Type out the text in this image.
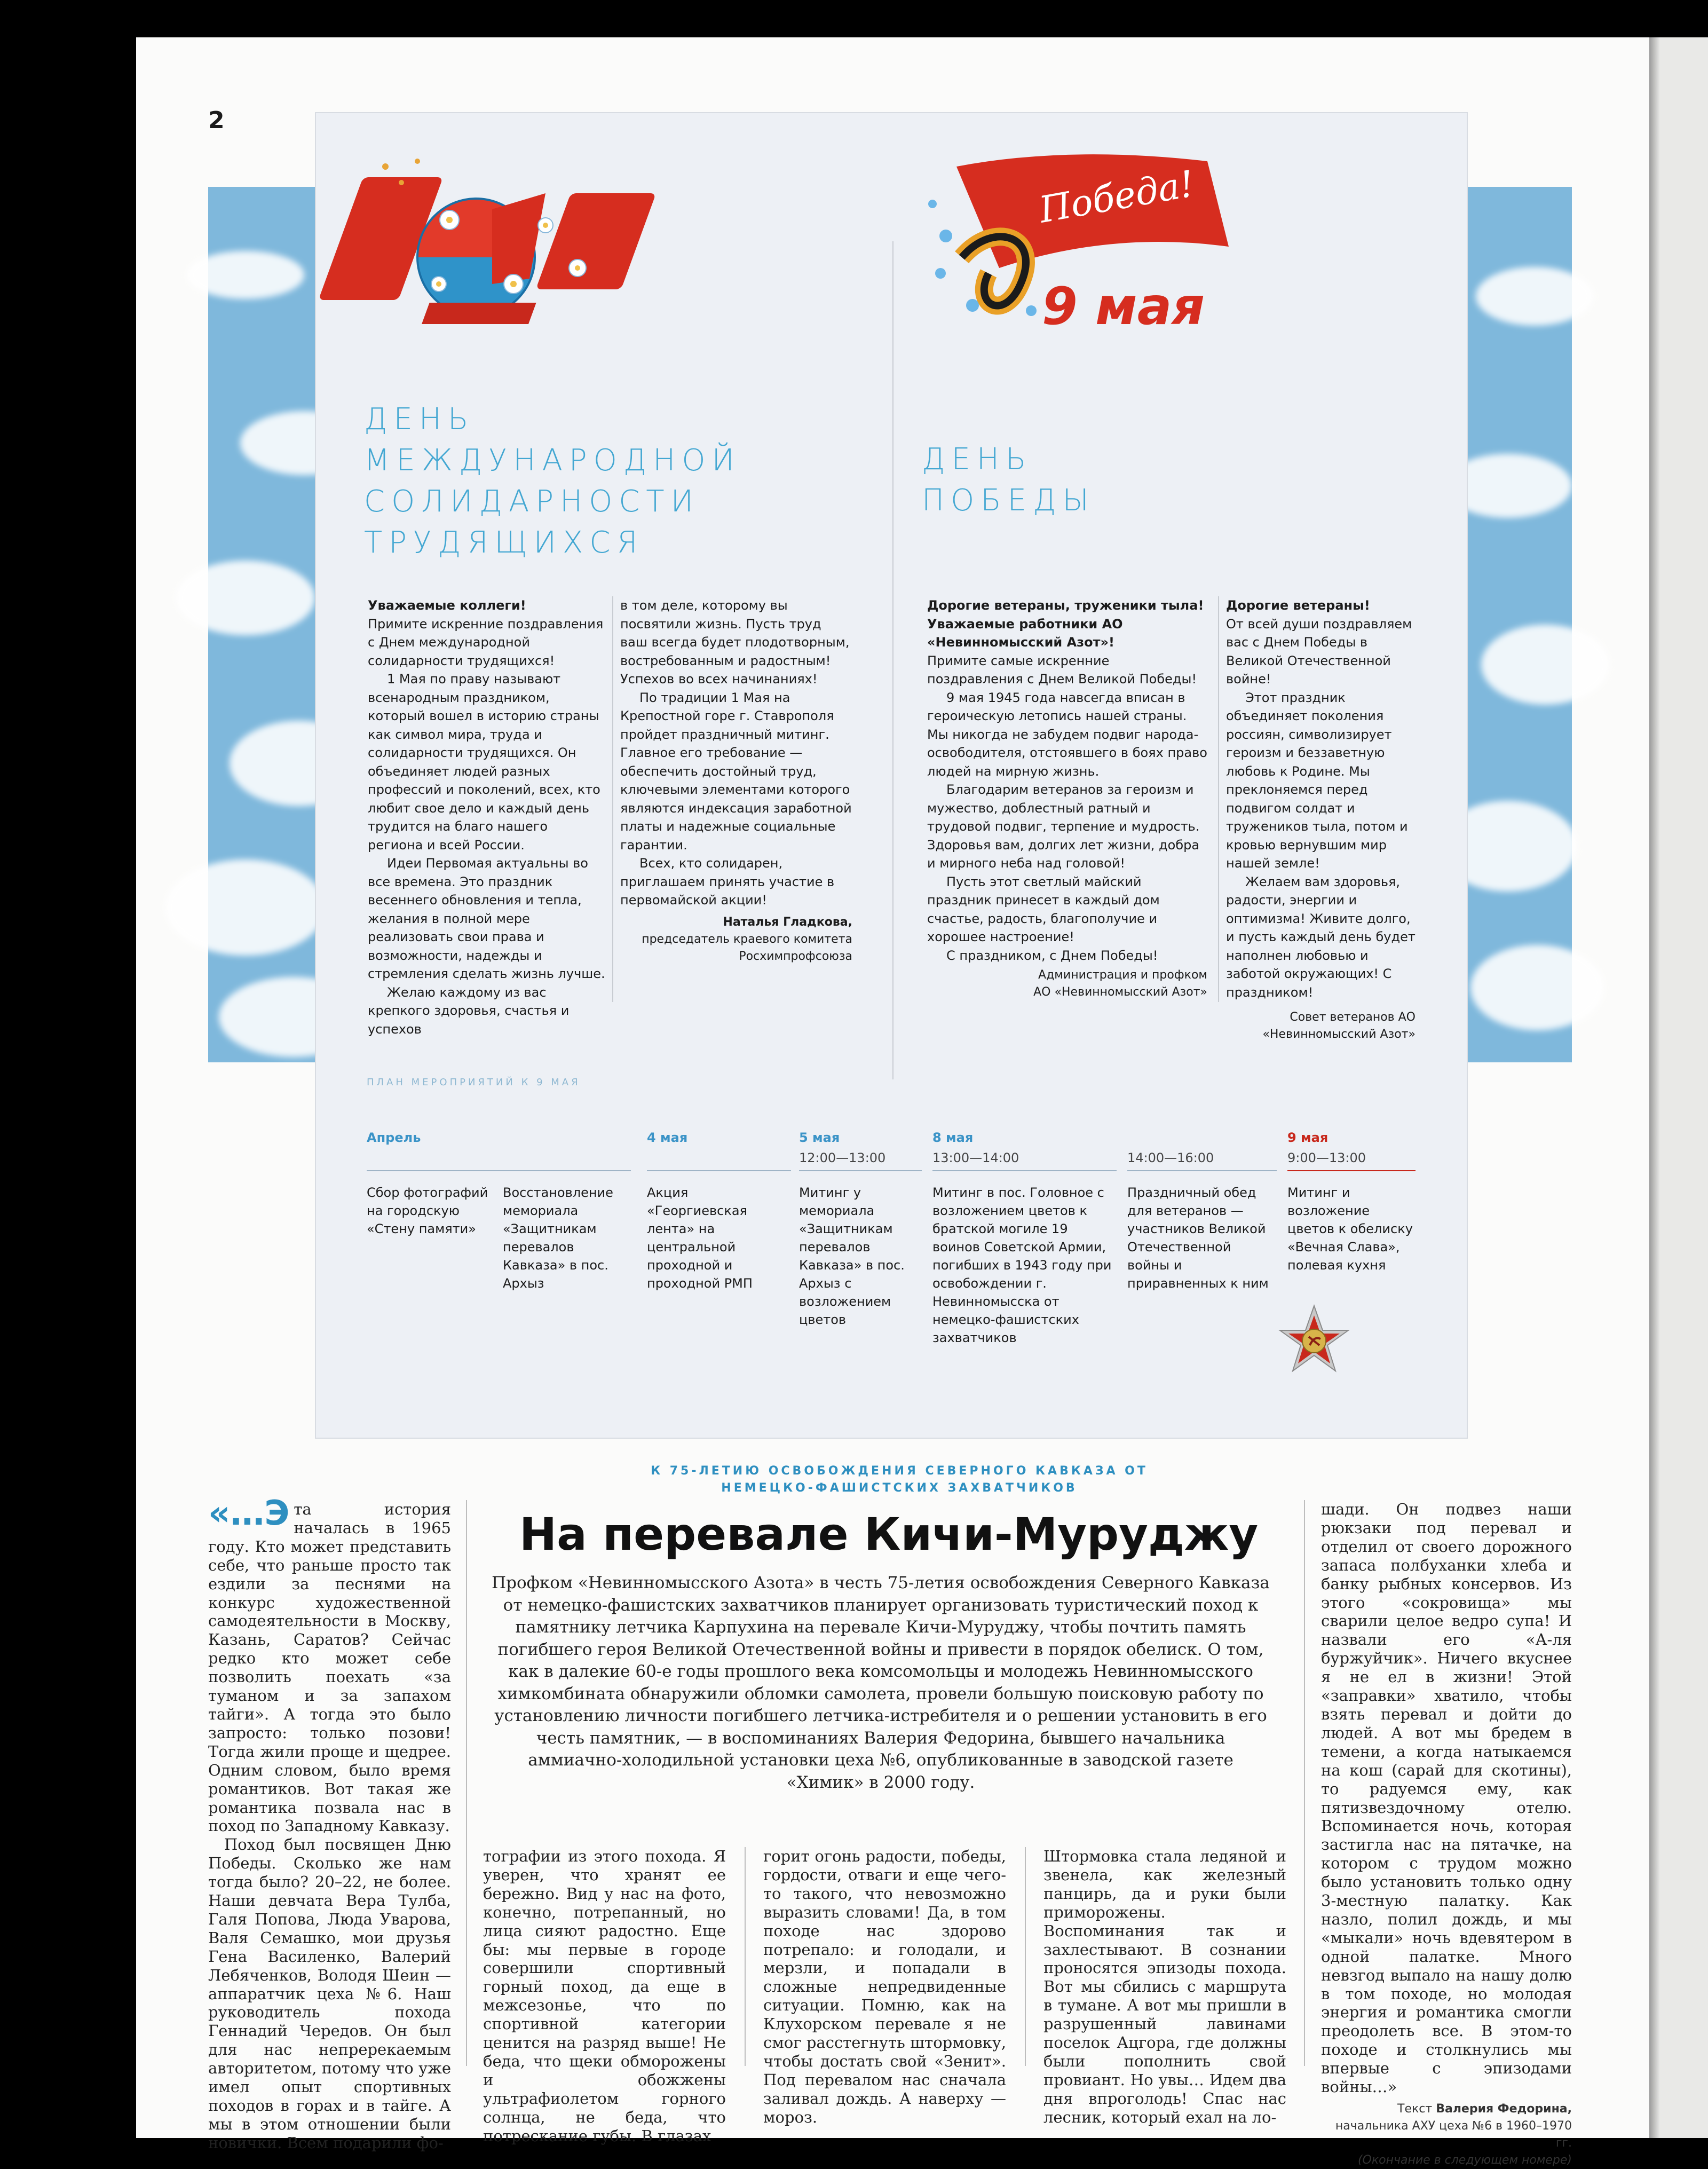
2
Победа!
9 мая
ДЕНЬ
МЕЖДУНАРОДНОЙ
СОЛИДАРНОСТИ
ТРУДЯЩИХСЯ
ДЕНЬ
ПОБЕДЫ

Уважаемые коллеги!

Примите искренние поздравления с Днем международной солидарности трудящихся!

1 Мая по праву называют всенародным праздником, который вошел в историю страны как символ мира, труда и солидарности трудящихся. Он объединяет людей разных профессий и поколений, всех, кто любит свое дело и каждый день трудится на благо нашего региона и всей России.

Идеи Первомая актуальны во все времена. Это праздник весеннего обновления и тепла, желания в полной мере реализовать свои права и возможности, надежды и стремления сделать жизнь лучше.

Желаю каждому из вас крепкого здоровья, счастья и успехов

в том деле, которому вы посвятили жизнь. Пусть труд ваш всегда будет плодотворным, востребованным и радостным! Успехов во всех начинаниях!

По традиции 1 Мая на Крепостной горе г. Ставрополя пройдет праздничный митинг. Главное его требование — обеспечить достойный труд, ключевыми элементами которого являются индексация заработной платы и надежные социальные гарантии.

Всех, кто солидарен, приглашаем принять участие в первомайской акции!

Наталья Гладкова,
председатель краевого комитета Росхимпрофсоюза

Дорогие ветераны, труженики тыла! Уважаемые работники АО «Невинномысский Азот»!

Примите самые искренние поздравления с Днем Великой Победы!

9 мая 1945 года навсегда вписан в героическую летопись нашей страны. Мы никогда не забудем подвиг народа-освободителя, отстоявшего в боях право людей на мирную жизнь.

Благодарим ветеранов за героизм и мужество, доблестный ратный и трудовой подвиг, терпение и мудрость. Здоровья вам, долгих лет жизни, добра и мирного неба над головой!

Пусть этот светлый майский праздник принесет в каждый дом счастье, радость, благополучие и хорошее настроение!

С праздником, с Днем Победы!

Администрация и профком АО «Невинномысский Азот»

Дорогие ветераны!

От всей души поздравляем вас с Днем Победы в Великой Отечественной войне!

Этот праздник объединяет поколения россиян, символизирует героизм и беззаветную любовь к Родине. Мы преклоняемся перед подвигом солдат и тружеников тыла, потом и кровью вернувшим мир нашей земле!

Желаем вам здоровья, радости, энергии и оптимизма! Живите долго, и пусть каждый день будет наполнен любовью и заботой окружающих! С праздником!

Совет ветеранов АО «Невинномысский Азот»
ПЛАН МЕРОПРИЯТИЙ К 9 МАЯ
Апрель
Сбор фотографий на городскую «Стену памяти»
Восстановление мемориала «Защитникам перевалов Кавказа» в пос. Архыз
4 мая
Акция «Георгиевская лента» на центральной проходной и проходной РМП
5 мая
12:00—13:00
Митинг у мемориала «Защитникам перевалов Кавказа» в пос. Архыз с возложением цветов
8 мая
13:00—14:00
Митинг в пос. Головное с возложением цветов к братской могиле 19 воинов Советской Армии, погибших в 1943 году при освобождении г. Невинномысска от немецко-фашистских захватчиков
14:00—16:00
Праздничный обед для ветеранов — участников Великой Отечественной войны и приравненных к ним
9 мая
9:00—13:00
Митинг и возложение цветов к обелиску «Вечная Слава», полевая кухня
К 75-ЛЕТИЮ ОСВОБОЖДЕНИЯ СЕВЕРНОГО КАВКАЗА ОТ НЕМЕЦКО-ФАШИСТСКИХ ЗАХВАТЧИКОВ
На перевале Кичи-Муруджу
Профком «Невинномысского Азота» в честь 75-летия освобождения Северного Кавказа от немецко-фашистских захватчиков планирует организовать туристический поход к памятнику летчика Карпухина на перевале Кичи-Муруджу, чтобы почтить память погибшего героя Великой Отечественной войны и привести в порядок обелиск. О том, как в далекие 60-е годы прошлого века комсомольцы и молодежь Невинномысского химкомбината обнаружили обломки самолета, провели большую поисковую работу по установлению личности погибшего летчика-истребителя и о решении установить в его честь памятник, — в воспоминаниях Валерия Федорина, бывшего начальника аммиачно-холодильной установки цеха №6, опубликованные в заводской газете «Химик» в 2000 году.

«…Э та история началась в 1965 году. Кто может представить себе, что раньше просто так ездили за песнями на конкурс художественной самодеятельности в Москву, Казань, Саратов? Сейчас редко кто может себе позволить поехать «за туманом и за запахом тайги». А тогда это было запросто: только позови! Тогда жили проще и щедрее. Одним словом, было время романтиков. Вот такая же романтика позвала нас в поход по Западному Кавказу.

Поход был посвящен Дню Победы. Сколько же нам тогда было? 20–22, не более. Наши девчата Вера Тулба, Галя Попова, Люда Уварова, Валя Семашко, мои друзья Гена Василенко, Валерий Лебяченков, Володя Шеин — аппаратчик цеха №6. Наш руководитель похода Геннадий Чередов. Он был для нас непререкаемым авторитетом, потому что уже имел опыт спортивных походов в горах и в тайге. А мы в этом отношении были новички. Всем подарили фо-

тографии из этого похода. Я уверен, что хранят ее бережно. Вид у нас на фото, конечно, потрепанный, но лица сияют радостно. Еще бы: мы первые в городе совершили спортивный горный поход, да еще в межсезонье, что по спортивной категории ценится на разряд выше! Не беда, что щеки обморожены и обожжены ультрафиолетом горного солнца, не беда, что потрескание губы. В глазах
горит огонь радости, победы, гордости, отваги и еще чего-то такого, что невозможно выразить словами! Да, в том походе нас здорово потрепало: и голодали, и мерзли, и попадали в сложные непредвиденные ситуации. Помню, как на Клухорском перевале я не смог расстегнуть штормовку, чтобы достать свой «Зенит». Под перевалом нас сначала заливал дождь. А наверху — мороз.
Штормовка стала ледяной и звенела, как железный панцирь, да и руки были приморожены. Воспоминания так и захлестывают. В сознании проносятся эпизоды похода. Вот мы сбились с маршрута в тумане. А вот мы пришли в разрушенный лавинами поселок Ацгора, где должны были пополнить свой провиант. Но увы… Идем два дня впроголодь! Спас нас лесник, который ехал на ло-
шади. Он подвез наши рюкзаки под перевал и отделил от своего дорожного запаса полбуханки хлеба и банку рыбных консервов. Из этого «сокровища» мы сварили целое ведро супа! И назвали его «А-ля буржуйчик». Ничего вкуснее я не ел в жизни! Этой «заправки» хватило, чтобы взять перевал и дойти до людей. А вот мы бредем в темени, а когда натыкаемся на кош (сарай для скотины), то радуемся ему, как пятизвездочному отелю. Вспоминается ночь, которая застигла нас на пятачке, на котором с трудом можно было установить только одну 3-местную палатку. Как назло, полил дождь, и мы «мыкали» ночь вдевятером в одной палатке. Много невзгод выпало на нашу долю в том походе, но молодая энергия и романтика смогли преодолеть все. В этом-то походе и столкнулись мы впервые с эпизодами войны…»
Текст Валерия Федорина,
начальника АХУ цеха №6 в 1960–1970 гг.
(Окончание в следующем номере)
